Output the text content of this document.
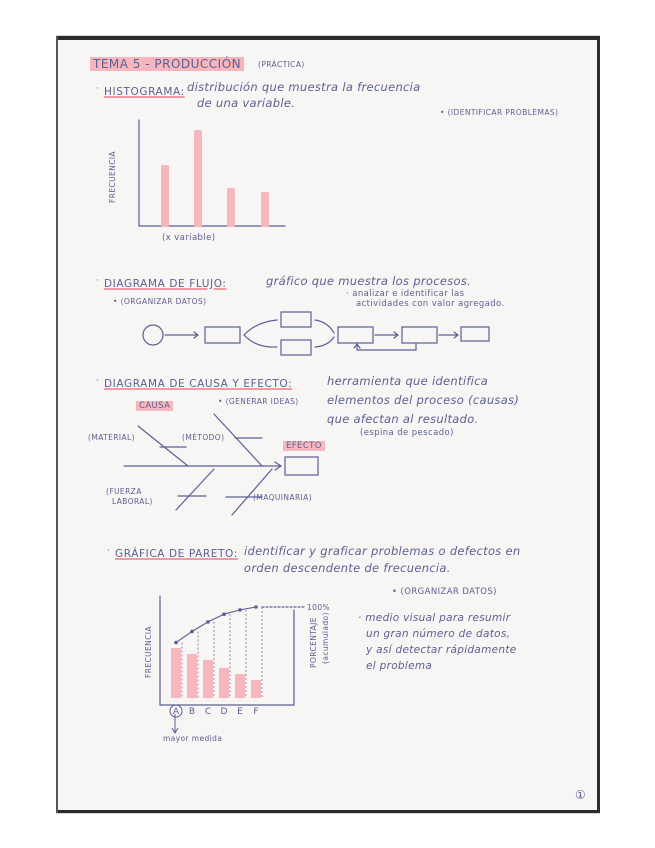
TEMA 5 - PRODUCCIÓN	(PRÁCTICA)
· HISTOGRAMA: distribución que muestra la frecuencia
de una variable.
• (IDENTIFICAR PROBLEMAS)
FRECUENCIA
(x variable)
· DIAGRAMA DE FLUJO:	gráfico que muestra los procesos.
• (ORGANIZAR DATOS)
· analizar e identificar las
actividades con valor agregado.
· DIAGRAMA DE CAUSA Y EFECTO:	herramienta que identifica
elementos del proceso (causas)
que afectan al resultado.
(espina de pescado)
CAUSA	• (GENERAR IDEAS)
EFECTO
(MATERIAL)	(MÉTODO)
(FUERZA
LABORAL)	(MAQUINARIA)
· GRÁFICA DE PARETO: identificar y graficar problemas o defectos en
orden descendente de frecuencia.
• (ORGANIZAR DATOS)
· medio visual para resumir
un gran número de datos,
y así detectar rápidamente
el problema
FRECUENCIA	PORCENTAJE (acumulado)
100%
mayor medida
①
A B C D E F
